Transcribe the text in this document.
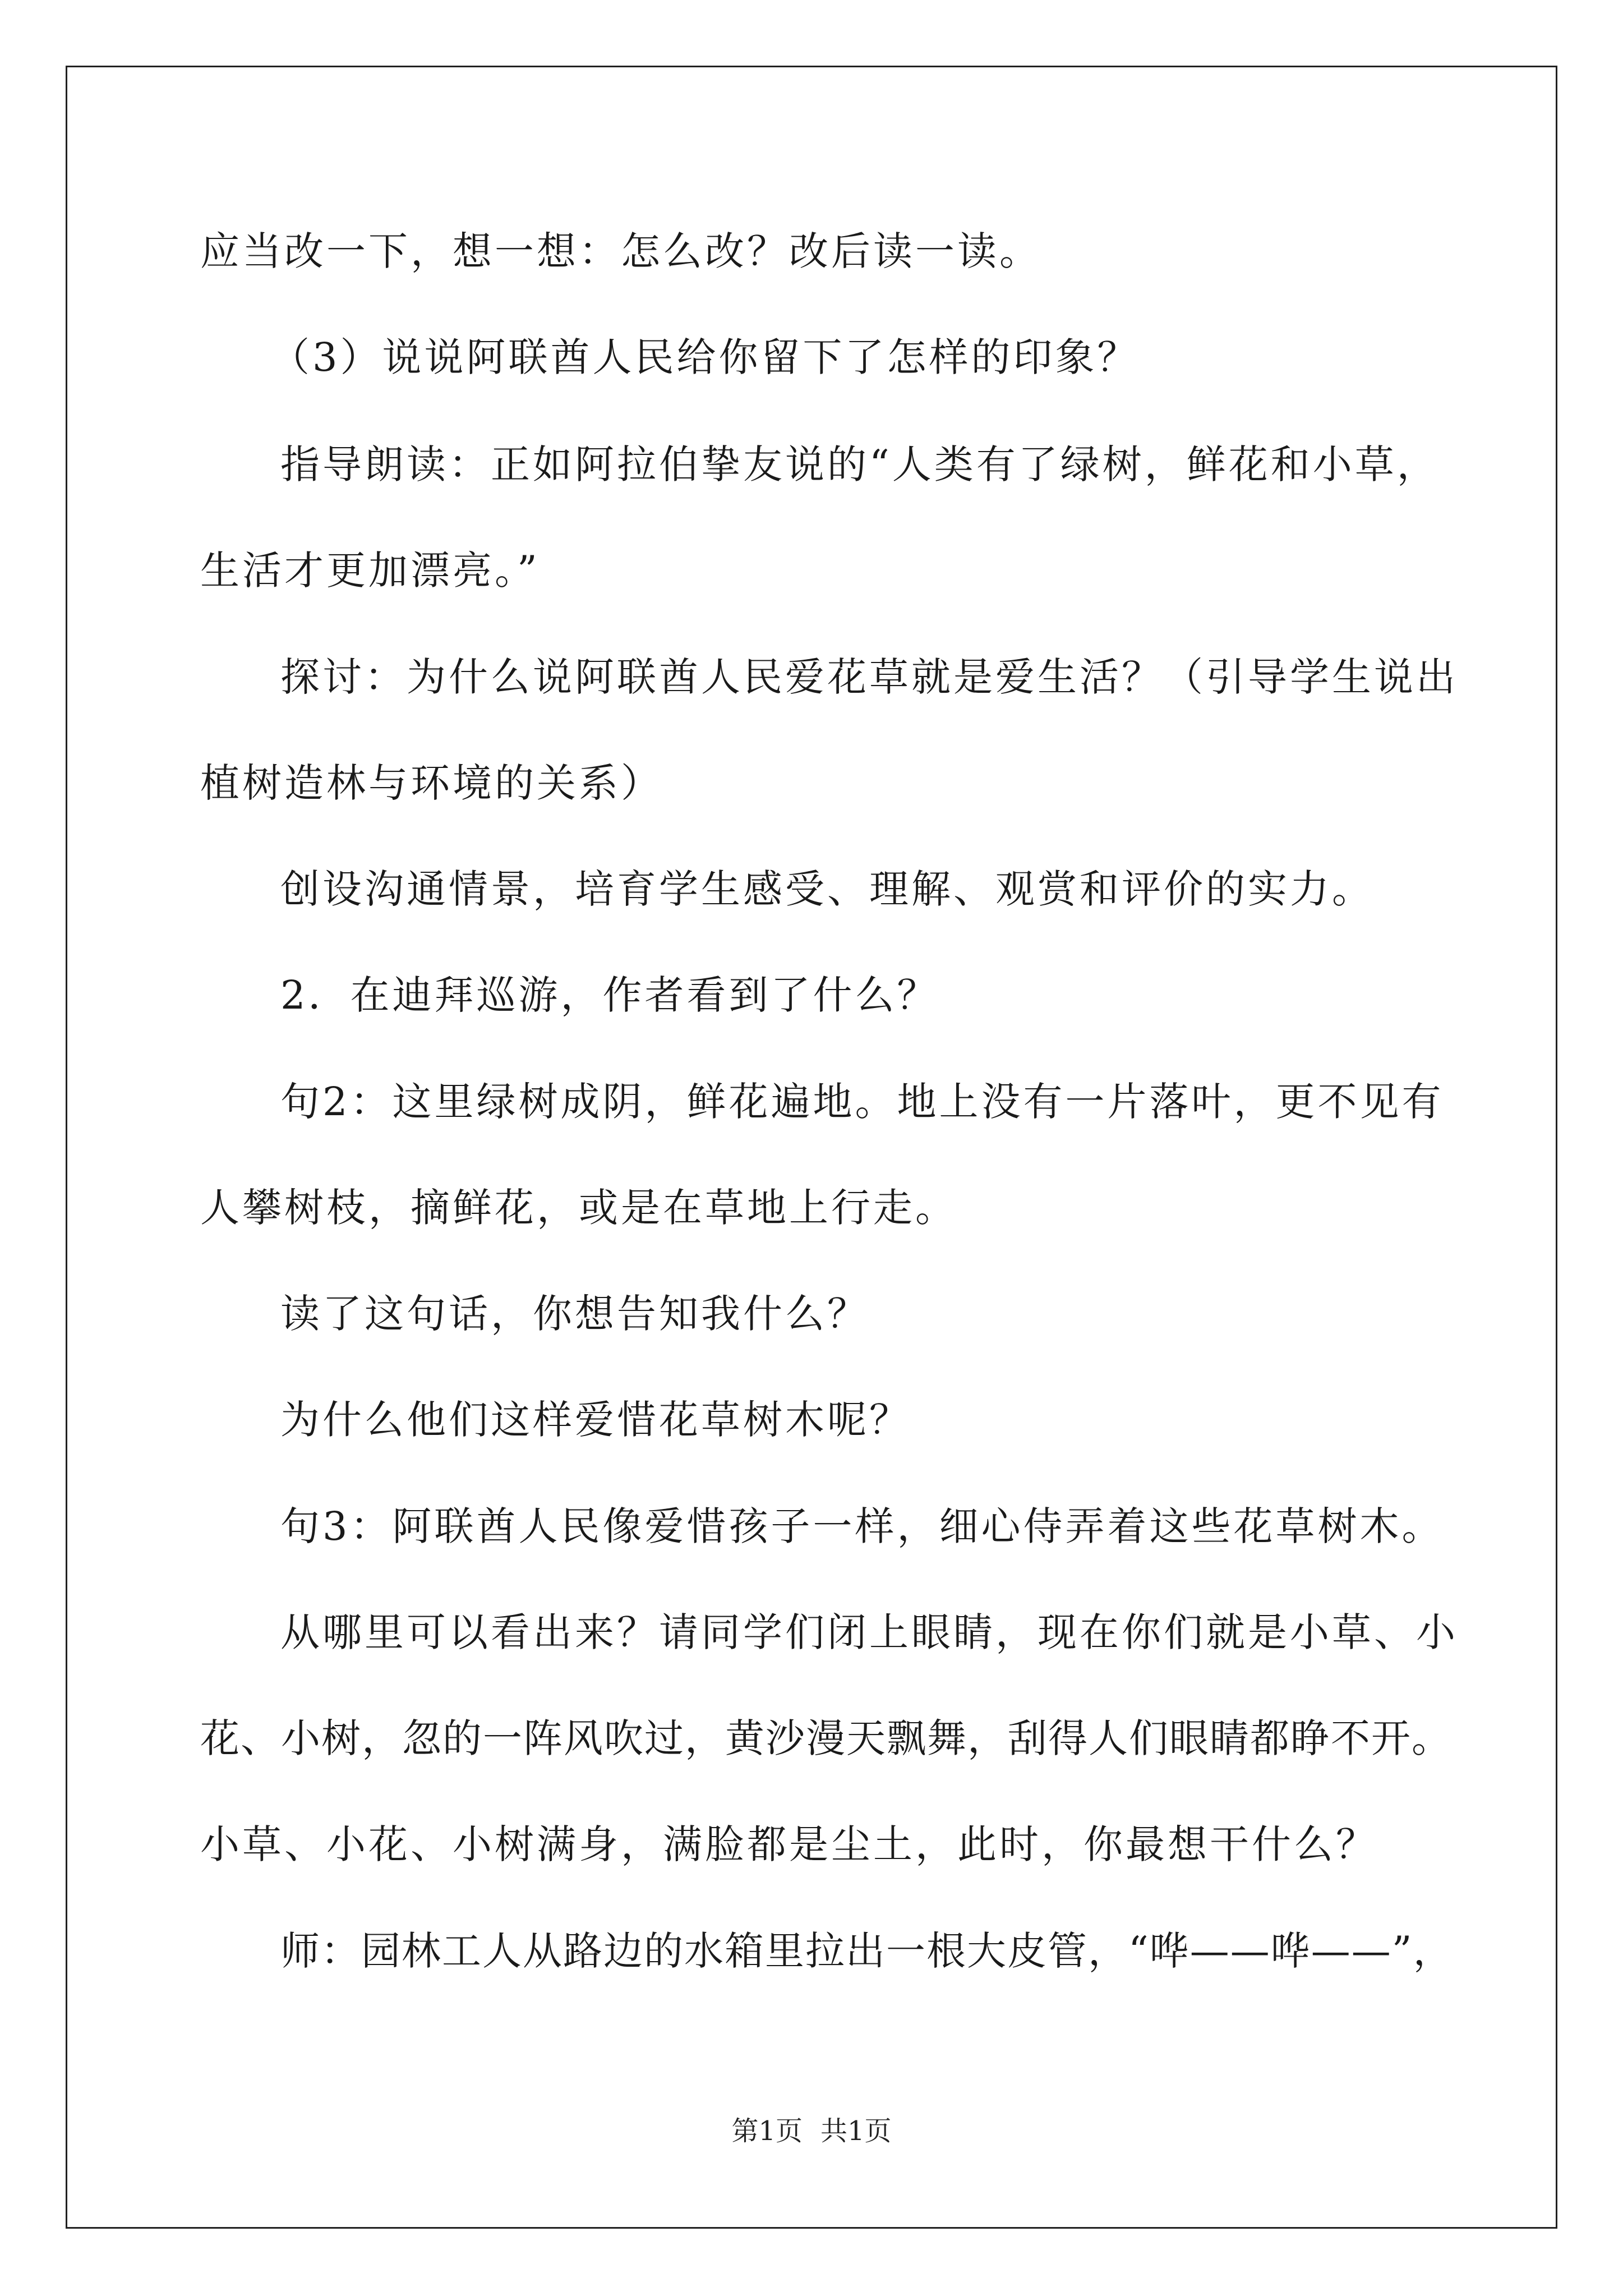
应当改一下，想一想：怎么改？改后读一读。
（3）说说阿联酋人民给你留下了怎样的印象？
指导朗读：正如阿拉伯挚友说的“人类有了绿树，鲜花和小草，
生活才更加漂亮。”
探讨：为什么说阿联酋人民爱花草就是爱生活？（引导学生说出
植树造林与环境的关系）
创设沟通情景，培育学生感受、理解、观赏和评价的实力。
2．在迪拜巡游，作者看到了什么？
句2：这里绿树成阴，鲜花遍地。地上没有一片落叶，更不见有
人攀树枝，摘鲜花，或是在草地上行走。
读了这句话，你想告知我什么？
为什么他们这样爱惜花草树木呢？
句3：阿联酋人民像爱惜孩子一样，细心侍弄着这些花草树木。
从哪里可以看出来？请同学们闭上眼睛，现在你们就是小草、小
花、小树，忽的一阵风吹过，黄沙漫天飘舞，刮得人们眼睛都睁不开。
小草、小花、小树满身，满脸都是尘土，此时，你最想干什么？
师：园林工人从路边的水箱里拉出一根大皮管，“哗——哗——”，
第1页 共1页
